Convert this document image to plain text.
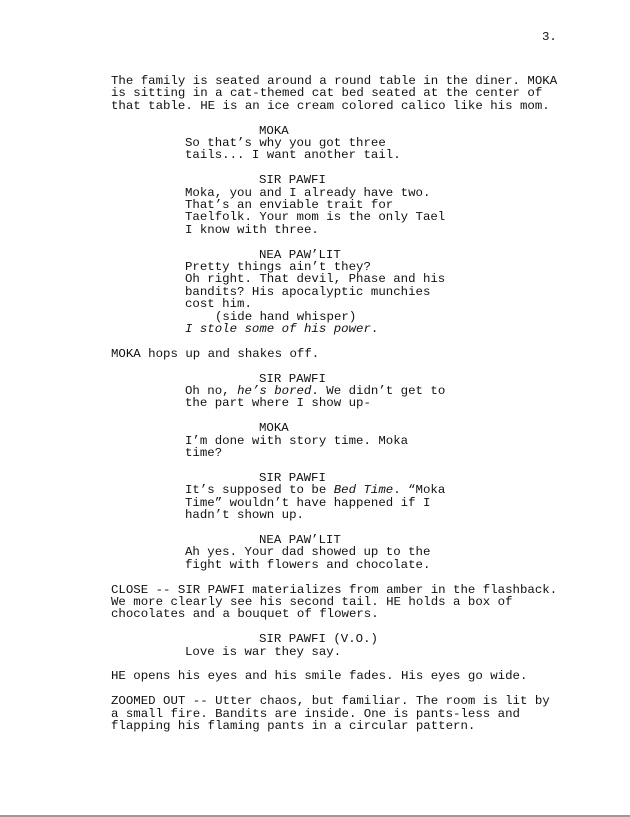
3.
The family is seated around a round table in the diner. MOKA
is sitting in a cat-themed cat bed seated at the center of
that table. HE is an ice cream colored calico like his mom.
MOKA
So that’s why you got three
tails... I want another tail.
SIR PAWFI
Moka, you and I already have two.
That’s an enviable trait for
Taelfolk. Your mom is the only Tael
I know with three.
NEA PAW’LIT
Pretty things ain’t they?
Oh right. That devil, Phase and his
bandits? His apocalyptic munchies
cost him.
(side hand whisper)
I stole some of his power.
MOKA hops up and shakes off.
SIR PAWFI
Oh no, he’s bored. We didn’t get to
the part where I show up-
MOKA
I’m done with story time. Moka
time?
SIR PAWFI
It’s supposed to be Bed Time. “Moka
Time” wouldn’t have happened if I
hadn’t shown up.
NEA PAW’LIT
Ah yes. Your dad showed up to the
fight with flowers and chocolate.
CLOSE -- SIR PAWFI materializes from amber in the flashback.
We more clearly see his second tail. HE holds a box of
chocolates and a bouquet of flowers.
SIR PAWFI (V.O.)
Love is war they say.
HE opens his eyes and his smile fades. His eyes go wide.
ZOOMED OUT -- Utter chaos, but familiar. The room is lit by
a small fire. Bandits are inside. One is pants-less and
flapping his flaming pants in a circular pattern.
